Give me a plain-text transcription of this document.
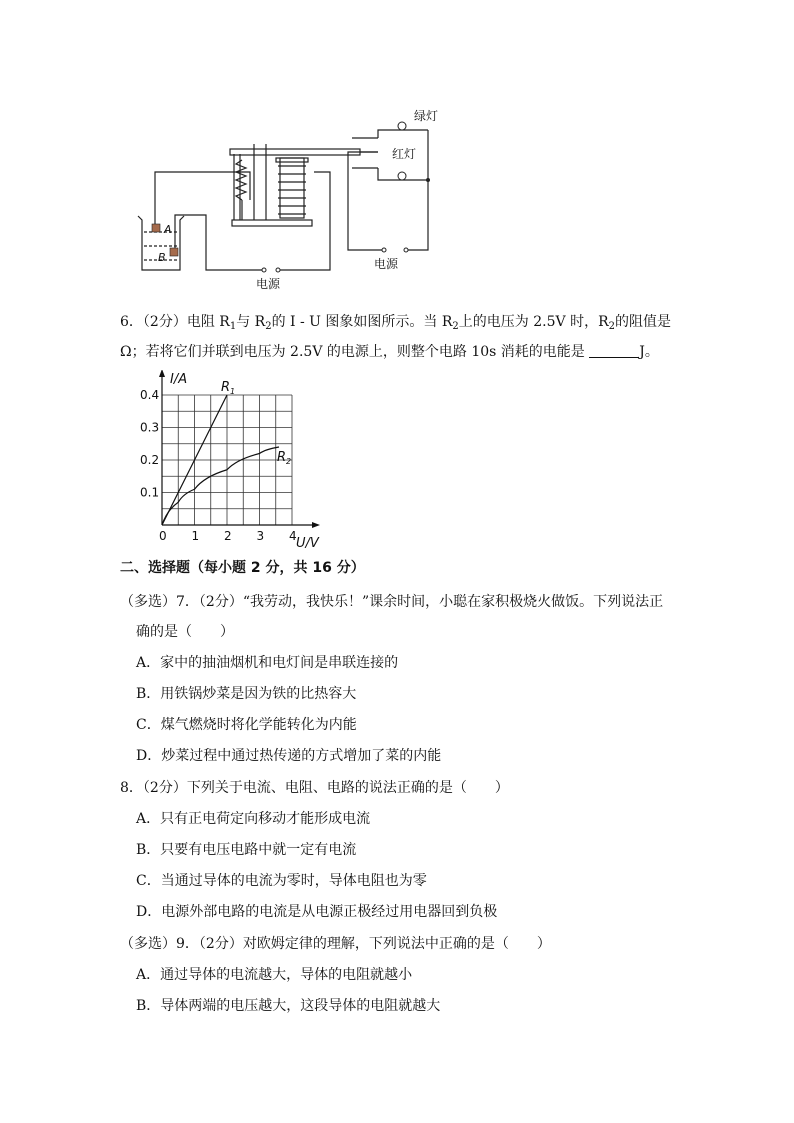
绿灯
红灯
A
B
电源
电源
6．（2分）电阻 $R_1$与 $R_2$的 I - U 图象如图所示。当 $R_2$上的电压为 2.5V 时，$R_2$的阻值是
Ω；若将它们并联到电压为 2.5V 的电源上，则整个电路 10s 消耗的电能是	J。
0 1 2 3 4
0.1
0.2
0.3
0.4
U/V
I/A
$R_1$
$R_2$
二、选择题（每小题 2 分，共 16 分）
（多选）7．（2分）“我劳动，我快乐！”课余时间，小聪在家积极烧火做饭。下列说法正
确的是（　　）
A．家中的抽油烟机和电灯间是串联连接的
B．用铁锅炒菜是因为铁的比热容大
C．煤气燃烧时将化学能转化为内能
D．炒菜过程中通过热传递的方式增加了菜的内能
8．（2分）下列关于电流、电阻、电路的说法正确的是（　　）
A．只有正电荷定向移动才能形成电流
B．只要有电压电路中就一定有电流
C．当通过导体的电流为零时，导体电阻也为零
D．电源外部电路的电流是从电源正极经过用电器回到负极
（多选）9．（2分）对欧姆定律的理解，下列说法中正确的是（　　）
A．通过导体的电流越大，导体的电阻就越小
B．导体两端的电压越大，这段导体的电阻就越大
